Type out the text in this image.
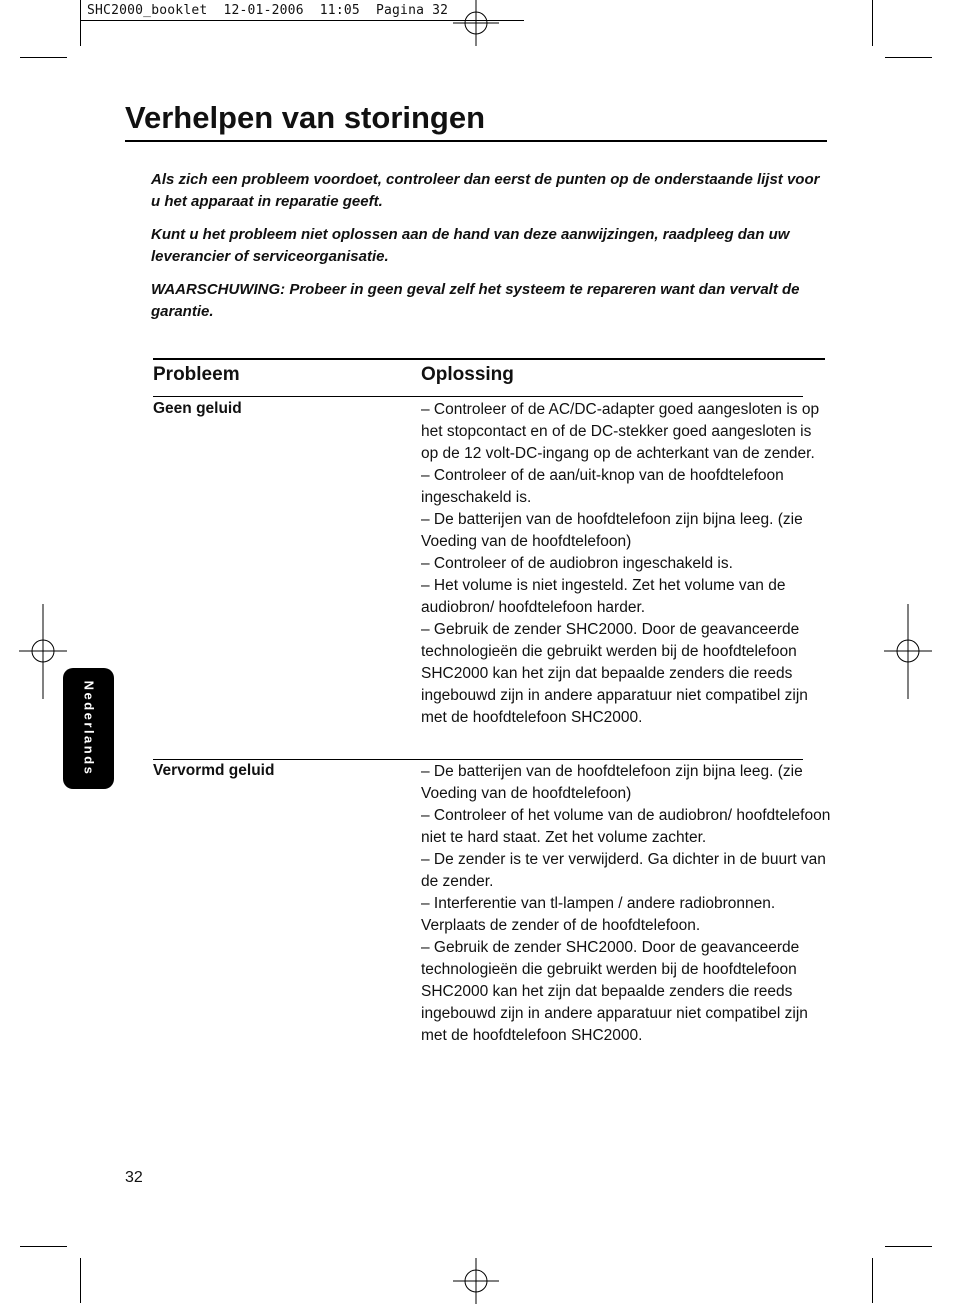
SHC2000_booklet  12-01-2006  11:05  Pagina 32
Verhelpen van storingen

Als zich een probleem voordoet, controleer dan eerst de punten op de onderstaande lijst voor u het apparaat in reparatie geeft.

Kunt u het probleem niet oplossen aan de hand van deze aanwijzingen, raadpleeg dan uw leverancier of serviceorganisatie.

WAARSCHUWING: Probeer in geen geval zelf het systeem te repareren want dan vervalt de garantie.

Probleem	Oplossing
Geen geluid	– Controleer of de AC/DC-adapter goed aangesloten is op het stopcontact en of de DC-stekker goed aangesloten is op de 12 volt-DC-ingang op de achterkant van de zender.
– Controleer of de aan/uit-knop van de hoofdtelefoon ingeschakeld is.
– De batterijen van de hoofdtelefoon zijn bijna leeg. (zie Voeding van de hoofdtelefoon)
– Controleer of de audiobron ingeschakeld is.
– Het volume is niet ingesteld. Zet het volume van de audiobron/ hoofdtelefoon harder.
– Gebruik de zender SHC2000. Door de geavanceerde technologieën die gebruikt werden bij de hoofdtelefoon SHC2000 kan het zijn dat bepaalde zenders die reeds ingebouwd zijn in andere apparatuur niet compatibel zijn met de hoofdtelefoon SHC2000.
Vervormd geluid	– De batterijen van de hoofdtelefoon zijn bijna leeg. (zie Voeding van de hoofdtelefoon)
– Controleer of het volume van de audiobron/ hoofdtelefoon niet te hard staat. Zet het volume zachter.
– De zender is te ver verwijderd. Ga dichter in de buurt van de zender.
– Interferentie van tl-lampen / andere radiobronnen. Verplaats de zender of de hoofdtelefoon.
– Gebruik de zender SHC2000. Door de geavanceerde technologieën die gebruikt werden bij de hoofdtelefoon SHC2000 kan het zijn dat bepaalde zenders die reeds ingebouwd zijn in andere apparatuur niet compatibel zijn met de hoofdtelefoon SHC2000.
Nederlands
32
